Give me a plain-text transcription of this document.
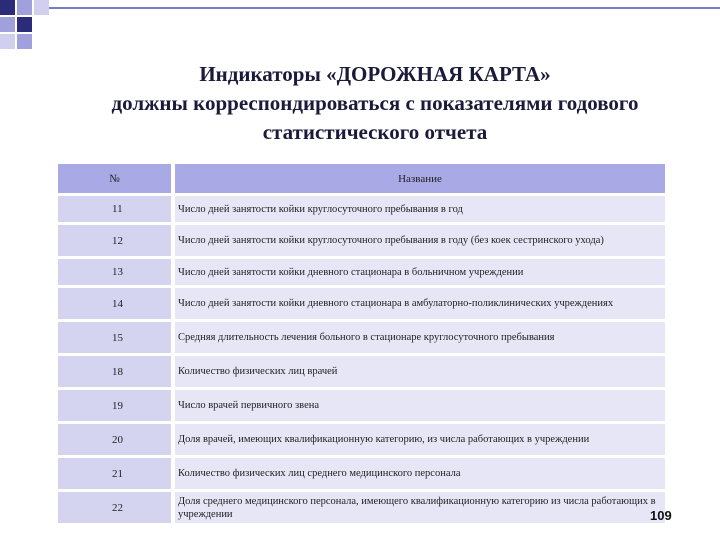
Индикаторы «ДОРОЖНАЯ КАРТА»
должны корреспондироваться с показателями годового
статистического отчета
№	Название
11	Число дней занятости койки круглосуточного пребывания в год
12	Число дней занятости койки круглосуточного пребывания в году (без коек сестринского ухода)
13	Число дней занятости койки дневного стационара в больничном учреждении
14	Число дней занятости койки дневного стационара в амбулаторно-поликлинических учреждениях
15	Средняя длительность лечения больного в стационаре круглосуточного пребывания
18	Количество физических лиц врачей
19	Число врачей первичного звена
20	Доля врачей, имеющих квалификационную категорию, из числа работающих в учреждении
21	Количество физических лиц среднего медицинского персонала
22	Доля среднего медицинского персонала, имеющего квалификационную категорию из числа работающих в учреждении	109
